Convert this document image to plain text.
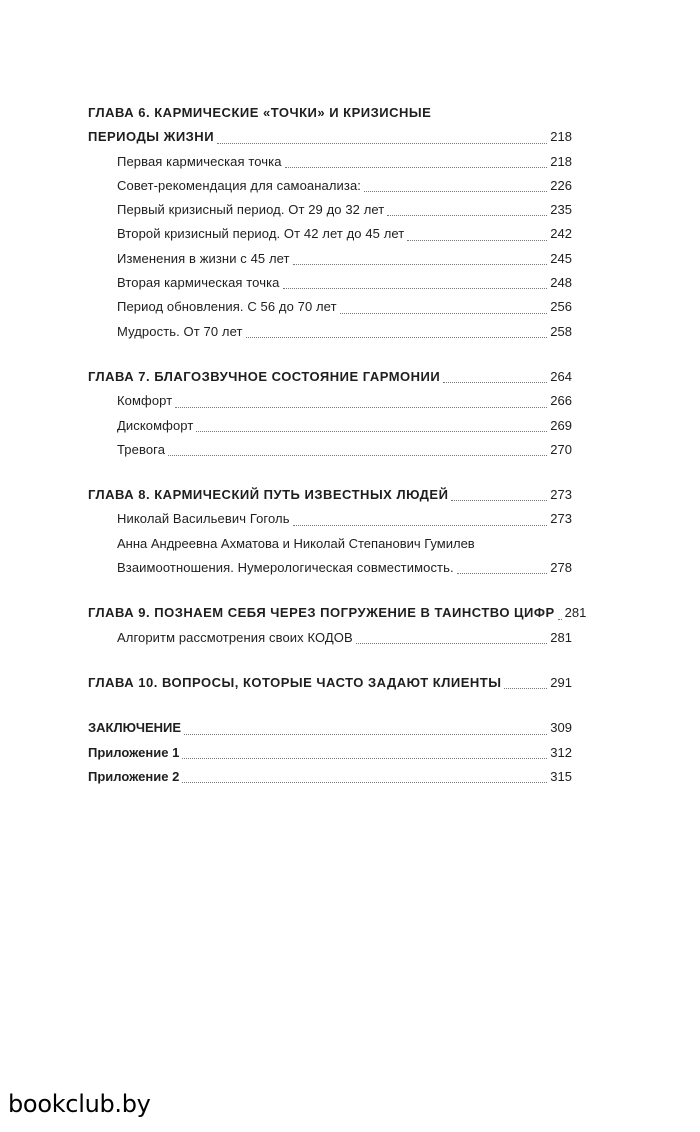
ГЛАВА 6. КАРМИЧЕСКИЕ «ТОЧКИ» И КРИЗИСНЫЕ
ПЕРИОДЫ ЖИЗНИ	218
Первая кармическая точка	218
Совет-рекомендация для самоанализа:	226
Первый кризисный период. От 29 до 32 лет	235
Второй кризисный период. От 42 лет до 45 лет	242
Изменения в жизни с 45 лет	245
Вторая кармическая точка	248
Период обновления. С 56 до 70 лет	256
Мудрость. От 70 лет	258
ГЛАВА 7. БЛАГОЗВУЧНОЕ СОСТОЯНИЕ ГАРМОНИИ	264
Комфорт	266
Дискомфорт	269
Тревога	270
ГЛАВА 8. КАРМИЧЕСКИЙ ПУТЬ ИЗВЕСТНЫХ ЛЮДЕЙ	273
Николай Васильевич Гоголь	273
Анна Андреевна Ахматова и Николай Степанович Гумилев
Взаимоотношения. Нумерологическая совместимость.	278
ГЛАВА 9. ПОЗНАЕМ СЕБЯ ЧЕРЕЗ ПОГРУЖЕНИЕ В ТАИНСТВО ЦИФР 281
Алгоритм рассмотрения своих КОДОВ	281
ГЛАВА 10. ВОПРОСЫ, КОТОРЫЕ ЧАСТО ЗАДАЮТ КЛИЕНТЫ	291
ЗАКЛЮЧЕНИЕ	309
Приложение 1	312
Приложение 2	315
bookclub.by
